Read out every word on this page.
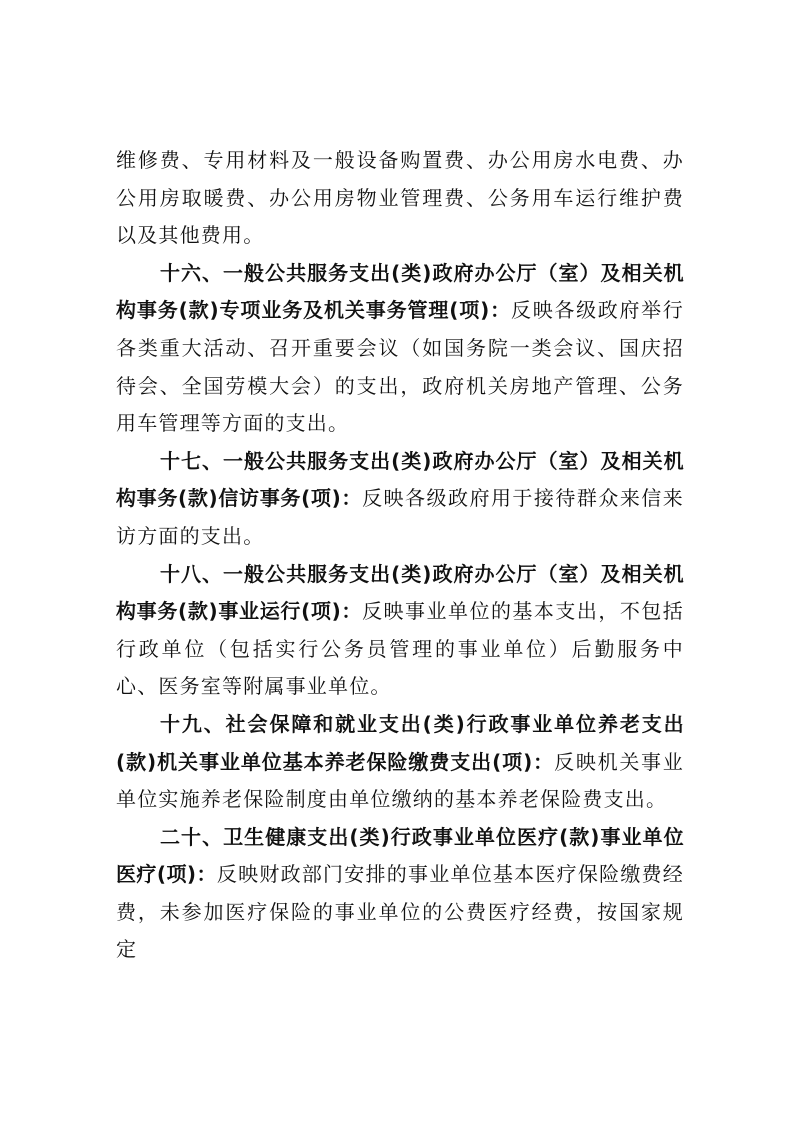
维修费、专用材料及一般设备购置费、办公用房水电费、办公用房取暖费、办公用房物业管理费、公务用车运行维护费以及其他费用。

十六、一般公共服务支出(类)政府办公厅（室）及相关机构事务(款)专项业务及机关事务管理(项)：反映各级政府举行各类重大活动、召开重要会议（如国务院一类会议、国庆招待会、全国劳模大会）的支出，政府机关房地产管理、公务用车管理等方面的支出。

十七、一般公共服务支出(类)政府办公厅（室）及相关机构事务(款)信访事务(项)：反映各级政府用于接待群众来信来访方面的支出。

十八、一般公共服务支出(类)政府办公厅（室）及相关机构事务(款)事业运行(项)：反映事业单位的基本支出，不包括行政单位（包括实行公务员管理的事业单位）后勤服务中心、医务室等附属事业单位。

十九、社会保障和就业支出(类)行政事业单位养老支出(款)机关事业单位基本养老保险缴费支出(项)：反映机关事业单位实施养老保险制度由单位缴纳的基本养老保险费支出。

二十、卫生健康支出(类)行政事业单位医疗(款)事业单位医疗(项)：反映财政部门安排的事业单位基本医疗保险缴费经费，未参加医疗保险的事业单位的公费医疗经费，按国家规定
